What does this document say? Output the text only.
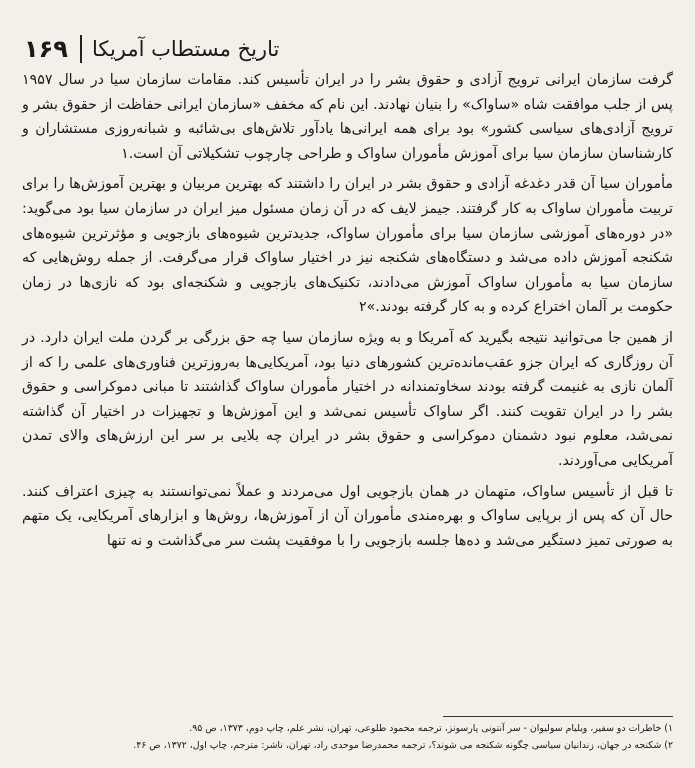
۱۶۹ تاریخ مستطاب آمریکا

گرفت سازمان ایرانی ترویج آزادی و حقوق بشر را در ایران تأسیس کند. مقامات سازمان سیا در سال ۱۹۵۷ پس از جلب موافقت شاه «ساواک» را بنیان نهادند. این نام که مخفف «سازمان ایرانی حفاظت از حقوق بشر و ترویج آزادی‌های سیاسی کشور» بود برای همه ایرانی‌ها یادآور تلاش‌های بی‌شائبه و شبانه‌روزی مستشاران و کارشناسان سازمان سیا برای آموزش مأموران ساواک و طراحی چارچوب تشکیلاتی آن است.۱

مأموران سیا آن قدر دغدغه آزادی و حقوق بشر در ایران را داشتند که بهترین مربیان و بهترین آموزش‌ها را برای تربیت مأموران ساواک به کار گرفتند. جیمز لایف که در آن زمان مسئول میز ایران در سازمان سیا بود می‌گوید: «در دوره‌های آموزشی سازمان سیا برای مأموران ساواک، جدیدترین شیوه‌های بازجویی و مؤثرترین شیوه‌های شکنجه آموزش داده می‌شد و دستگاه‌های شکنجه نیز در اختیار ساواک قرار می‌گرفت. از جمله روش‌هایی که سازمان سیا به مأموران ساواک آموزش می‌دادند، تکنیک‌های بازجویی و شکنجه‌ای بود که نازی‌ها در زمان حکومت بر آلمان اختراع کرده و به کار گرفته بودند.»۲

از همین جا می‌توانید نتیجه بگیرید که آمریکا و به ویژه سازمان سیا چه حق بزرگی بر گردن ملت ایران دارد. در آن روزگاری که ایران جزو عقب‌مانده‌ترین کشورهای دنیا بود، آمریکایی‌ها به‌روزترین فناوری‌های علمی را که از آلمان نازی به غنیمت گرفته بودند سخاوتمندانه در اختیار مأموران ساواک گذاشتند تا مبانی دموکراسی و حقوق بشر را در ایران تقویت کنند. اگر ساواک تأسیس نمی‌شد و این آموزش‌ها و تجهیزات در اختیار آن گذاشته نمی‌شد، معلوم نبود دشمنان دموکراسی و حقوق بشر در ایران چه بلایی بر سر این ارزش‌های والای تمدن آمریکایی می‌آوردند.

تا قبل از تأسیس ساواک، متهمان در همان بازجویی اول می‌مردند و عملاً نمی‌توانستند به چیزی اعتراف کنند. حال آن که پس از برپایی ساواک و بهره‌مندی مأموران آن از آموزش‌ها، روش‌ها و ابزارهای آمریکایی، یک متهم به صورتی تمیز دستگیر می‌شد و ده‌ها جلسه بازجویی را با موفقیت پشت سر می‌گذاشت و نه تنها

۱) خاطرات دو سفیر، ویلیام سولیوان - سر آنتونی پارسونز، ترجمه محمود طلوعی، تهران، نشر علم، چاپ دوم، ۱۳۷۳، ص ۹۵.

۲) شکنجه در جهان، زندانیان سیاسی چگونه شکنجه می شوند؟، ترجمه محمدرضا موحدی راد، تهران، ناشر: مترجم، چاپ اول، ۱۳۷۲، ص ۴۶.
